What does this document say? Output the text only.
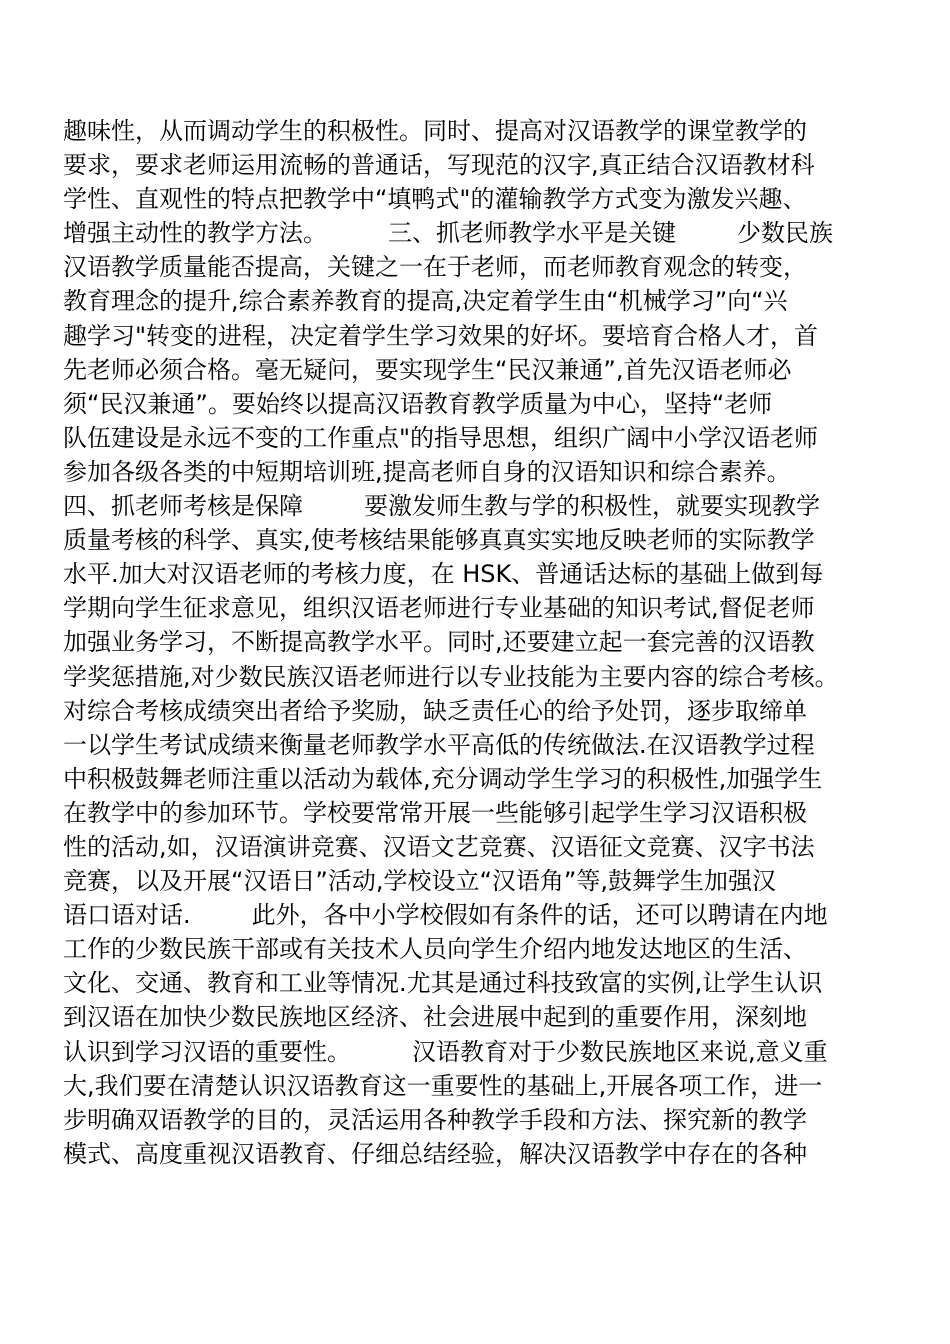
趣味性，从而调动学生的积极性。同时、提高对汉语教学的课堂教学的
要求，要求老师运用流畅的普通话，写现范的汉字,真正结合汉语教材科
学性、直观性的特点把教学中“填鸭式"的灌输教学方式变为激发兴趣、
增强主动性的教学方法。        三、抓老师教学水平是关键        少数民族
汉语教学质量能否提高，关键之一在于老师，而老师教育观念的转变，
教育理念的提升,综合素养教育的提高,决定着学生由“机械学习”向“兴
趣学习"转变的进程，决定着学生学习效果的好坏。要培育合格人才，首
先老师必须合格。毫无疑问，要实现学生“民汉兼通”,首先汉语老师必
须“民汉兼通”。要始终以提高汉语教育教学质量为中心，坚持“老师
队伍建设是永远不变的工作重点"的指导思想，组织广阔中小学汉语老师
参加各级各类的中短期培训班,提高老师自身的汉语知识和综合素养。
四、抓老师考核是保障        要激发师生教与学的积极性，就要实现教学
质量考核的科学、真实,使考核结果能够真真实实地反映老师的实际教学
水平.加大对汉语老师的考核力度，在 HSK、普通话达标的基础上做到每
学期向学生征求意见，组织汉语老师进行专业基础的知识考试,督促老师
加强业务学习，不断提高教学水平。同时,还要建立起一套完善的汉语教
学奖惩措施,对少数民族汉语老师进行以专业技能为主要内容的综合考核。
对综合考核成绩突出者给予奖励，缺乏责任心的给予处罚，逐步取缔单
一以学生考试成绩来衡量老师教学水平高低的传统做法.在汉语教学过程
中积极鼓舞老师注重以活动为载体,充分调动学生学习的积极性,加强学生
在教学中的参加环节。学校要常常开展一些能够引起学生学习汉语积极
性的活动,如，汉语演讲竞赛、汉语文艺竞赛、汉语征文竞赛、汉字书法
竞赛，以及开展“汉语日”活动,学校设立“汉语角”等,鼓舞学生加强汉
语口语对话.        此外，各中小学校假如有条件的话，还可以聘请在内地
工作的少数民族干部或有关技术人员向学生介绍内地发达地区的生活、
文化、交通、教育和工业等情况.尤其是通过科技致富的实例,让学生认识
到汉语在加快少数民族地区经济、社会进展中起到的重要作用，深刻地
认识到学习汉语的重要性。        汉语教育对于少数民族地区来说,意义重
大,我们要在清楚认识汉语教育这一重要性的基础上,开展各项工作，进一
步明确双语教学的目的，灵活运用各种教学手段和方法、探究新的教学
模式、高度重视汉语教育、仔细总结经验，解决汉语教学中存在的各种
